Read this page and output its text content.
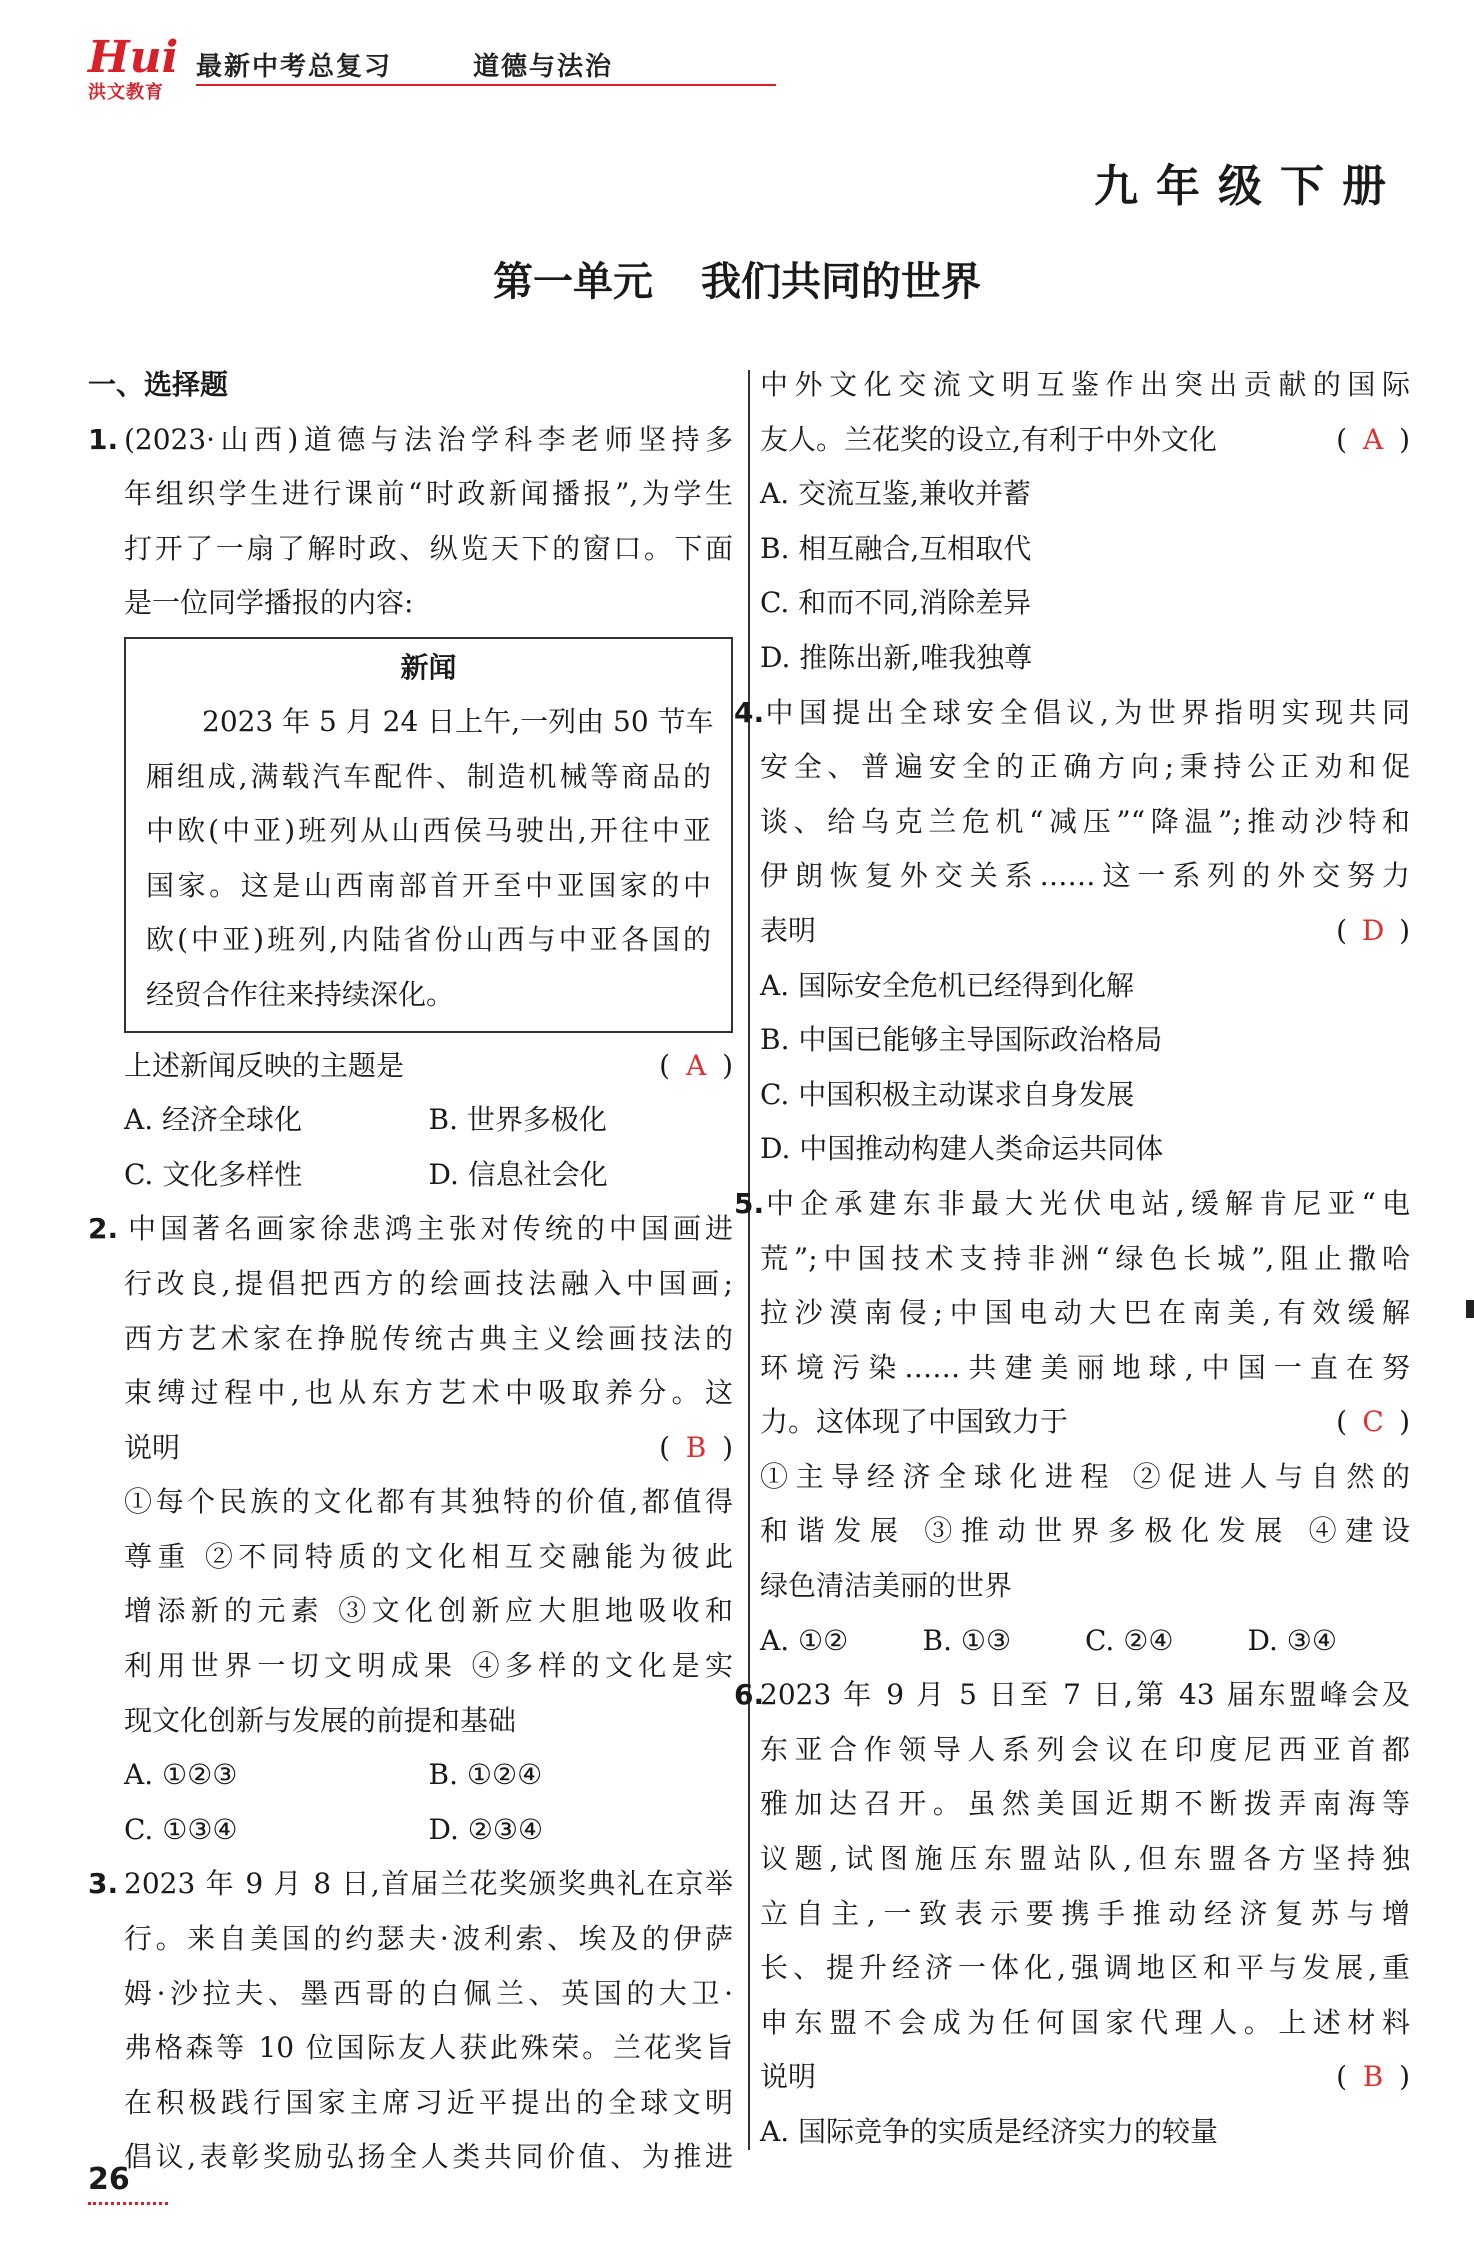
Hui
洪文教育
最新中考总复习	道德与法治
九年级下册
第一单元 我们共同的世界
一、选择题
1. (2023·山西)道德与法治学科李老师坚持多
年组织学生进行课前“时政新闻播报”,为学生
打开了一扇了解时政、纵览天下的窗口。下面
是一位同学播报的内容:
新闻
2023 年 5 月 24 日上午,一列由 50 节车
厢组成,满载汽车配件、制造机械等商品的
中欧(中亚)班列从山西侯马驶出,开往中亚
国家。这是山西南部首开至中亚国家的中
欧(中亚)班列,内陆省份山西与中亚各国的
经贸合作往来持续深化。
上述新闻反映的主题是	( A )
A. 经济全球化	B. 世界多极化
C. 文化多样性	D. 信息社会化
2. 中国著名画家徐悲鸿主张对传统的中国画进
行改良,提倡把西方的绘画技法融入中国画;
西方艺术家在挣脱传统古典主义绘画技法的
束缚过程中,也从东方艺术中吸取养分。这
说明	( B )
①每个民族的文化都有其独特的价值,都值得
尊重 ②不同特质的文化相互交融能为彼此
增添新的元素 ③文化创新应大胆地吸收和
利用世界一切文明成果 ④多样的文化是实
现文化创新与发展的前提和基础
A. ①②③	B. ①②④
C. ①③④	D. ②③④
3. 2023 年 9 月 8 日,首届兰花奖颁奖典礼在京举
行。来自美国的约瑟夫·波利索、埃及的伊萨
姆·沙拉夫、墨西哥的白佩兰、英国的大卫·
弗格森等 10 位国际友人获此殊荣。兰花奖旨
在积极践行国家主席习近平提出的全球文明
倡议,表彰奖励弘扬全人类共同价值、为推进
中外文化交流文明互鉴作出突出贡献的国际
友人。兰花奖的设立,有利于中外文化	( A )
A. 交流互鉴,兼收并蓄
B. 相互融合,互相取代
C. 和而不同,消除差异
D. 推陈出新,唯我独尊
4.中国提出全球安全倡议,为世界指明实现共同
安全、普遍安全的正确方向;秉持公正劝和促
谈、给乌克兰危机“减压”“降温”;推动沙特和
伊朗恢复外交关系……这一系列的外交努力
表明	( D )
A. 国际安全危机已经得到化解
B. 中国已能够主导国际政治格局
C. 中国积极主动谋求自身发展
D. 中国推动构建人类命运共同体
5.中企承建东非最大光伏电站,缓解肯尼亚“电
荒”;中国技术支持非洲“绿色长城”,阻止撒哈
拉沙漠南侵;中国电动大巴在南美,有效缓解
环境污染……共建美丽地球,中国一直在努
力。这体现了中国致力于	( C )
①主导经济全球化进程 ②促进人与自然的
和谐发展 ③推动世界多极化发展 ④建设
绿色清洁美丽的世界
A. ①②	B. ①③	C. ②④	D. ③④
6.2023 年 9 月 5 日至 7 日,第 43 届东盟峰会及
东亚合作领导人系列会议在印度尼西亚首都
雅加达召开。虽然美国近期不断拨弄南海等
议题,试图施压东盟站队,但东盟各方坚持独
立自主,一致表示要携手推动经济复苏与增
长、提升经济一体化,强调地区和平与发展,重
申东盟不会成为任何国家代理人。上述材料
说明	( B )
A. 国际竞争的实质是经济实力的较量
26
